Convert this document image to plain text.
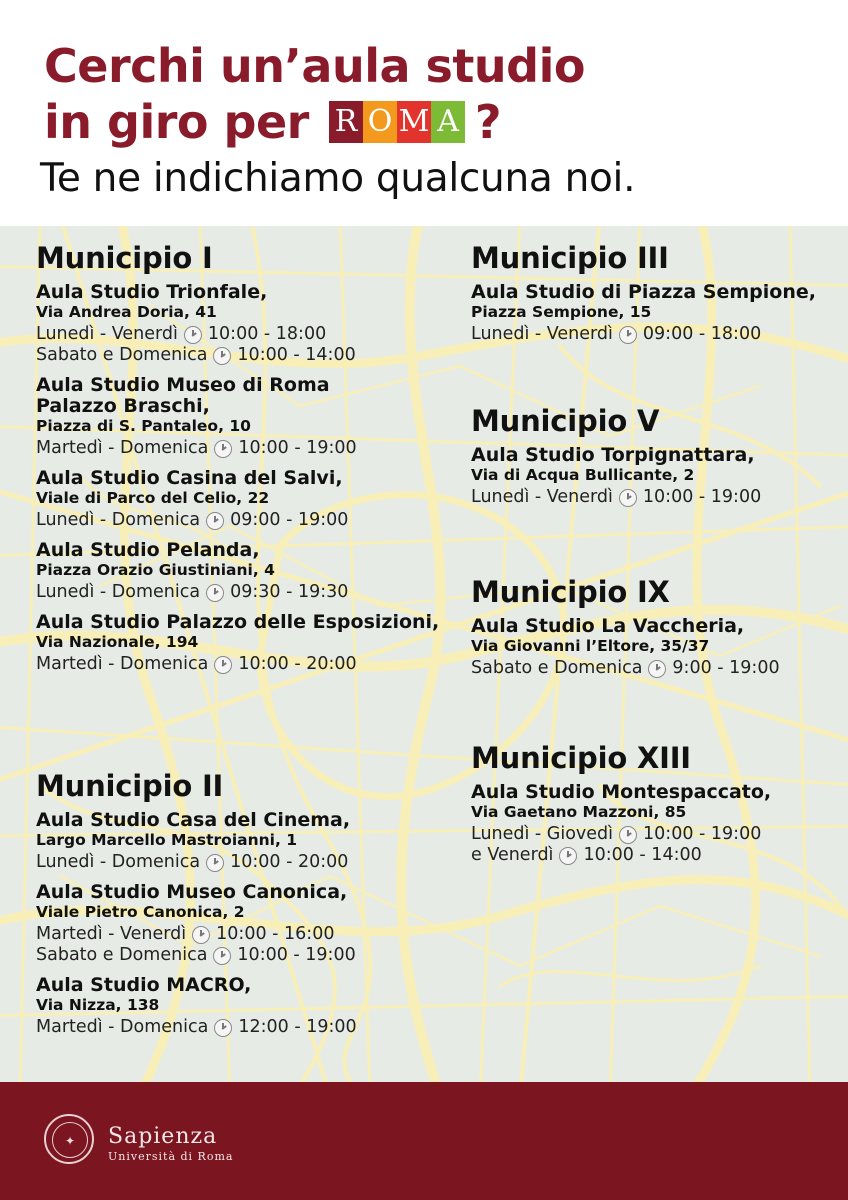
Cerchi un’aula studio
in giro per R O M A ?
Te ne indichiamo qualcuna noi.
Municipio I
Aula Studio Trionfale,
Via Andrea Doria, 41
Lunedì - Venerdì 10:00 - 18:00
Sabato e Domenica 10:00 - 14:00
Aula Studio Museo di Roma
Palazzo Braschi,
Piazza di S. Pantaleo, 10
Martedì - Domenica 10:00 - 19:00
Aula Studio Casina del Salvi,
Viale di Parco del Celio, 22
Lunedì - Domenica 09:00 - 19:00
Aula Studio Pelanda,
Piazza Orazio Giustiniani, 4
Lunedì - Domenica 09:30 - 19:30
Aula Studio Palazzo delle Esposizioni,
Via Nazionale, 194
Martedì - Domenica 10:00 - 20:00
Municipio II
Aula Studio Casa del Cinema,
Largo Marcello Mastroianni, 1
Lunedì - Domenica 10:00 - 20:00
Aula Studio Museo Canonica,
Viale Pietro Canonica, 2
Martedì - Venerdì 10:00 - 16:00
Sabato e Domenica 10:00 - 19:00
Aula Studio MACRO,
Via Nizza, 138
Martedì - Domenica 12:00 - 19:00
Municipio III
Aula Studio di Piazza Sempione,
Piazza Sempione, 15
Lunedì - Venerdì 09:00 - 18:00
Municipio V
Aula Studio Torpignattara,
Via di Acqua Bullicante, 2
Lunedì - Venerdì 10:00 - 19:00
Municipio IX
Aula Studio La Vaccheria,
Via Giovanni l’Eltore, 35/37
Sabato e Domenica 9:00 - 19:00
Municipio XIII
Aula Studio Montespaccato,
Via Gaetano Mazzoni, 85
Lunedì - Giovedì 10:00 - 19:00
e Venerdì 10:00 - 14:00
✦	Sapienza
Università di Roma
